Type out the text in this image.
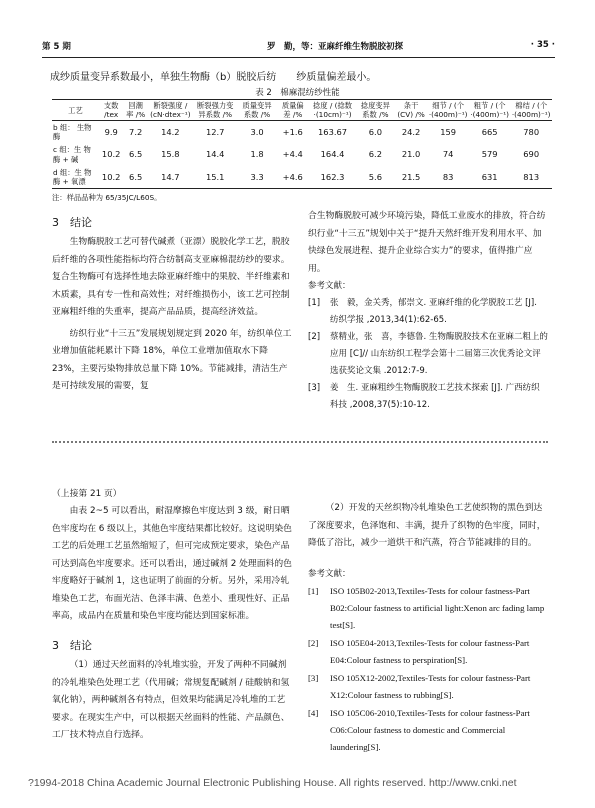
第 5 期	罗　勤，等：亚麻纤维生物脱胶初探	· 35 ·
成纱质量变异系数最小，单独生物酶（b）脱胶后纺　　纱质量偏差最小。
表 2　棉麻混纺纱性能
工艺	支数 /tex	回潮 率 /%	断裂强度 / (cN·dtex⁻¹)	断裂强力变 异系数 /%	质量变异 系数 /%	质量偏 差 /%	捻度 / (捻数 ·(10cm)⁻¹)	捻度变异 系数 /%	条干 (CV) /%	细节 / (个 ·(400m)⁻¹)	粗节 / (个 ·(400m)⁻¹)	棉结 / (个 ·(400m)⁻¹)
b 组： 生物酶	9.9	7.2	14.2	12.7	3.0	+1.6	163.67	6.0	24.2	159	665	780
c 组：生 物酶 + 碱	10.2	6.5	15.8	14.4	1.8	+4.4	164.4	6.2	21.0	74	579	690
d 组：生 物 酶 + 氧漂	10.2	6.5	14.7	15.1	3.3	+4.6	162.3	5.6	21.5	83	631	813
注：样品品种为 65/35JC/L60S。
3　结论

生物酶脱胶工艺可替代碱煮（亚漂）脱胶化学工艺，脱胶后纤维的各项性能指标均符合纺制高支亚麻棉混纺纱的要求。复合生物酶可有选择性地去除亚麻纤维中的果胶、半纤维素和木质素，具有专一性和高效性；对纤维损伤小，该工艺可控制亚麻粗纤维的失重率，提高产品品质，提高经济效益。

纺织行业“十三五”发展规划规定到 2020 年，纺织单位工业增加值能耗累计下降 18%，单位工业增加值取水下降 23%，主要污染物排放总量下降 10%。节能减排，清洁生产是可持续发展的需要，复

合生物酶脱胶可减少环境污染，降低工业废水的排放，符合纺织行业“十三五”规划中关于“提升天然纤维开发利用水平、加快绿色发展进程、提升企业综合实力”的要求，值得推广应用。
参考文献：
[1]	张　毅，金关秀，郁崇文. 亚麻纤维的化学脱胶工艺 [J]. 纺织学报 ,2013,34(1):62-65.
[2]	蔡精业，张　喜，李德鲁. 生物酶脱胶技术在亚麻二粗上的应用 [C]// 山东纺织工程学会第十二届第三次优秀论文评选获奖论文集 .2012:7-9.
[3]	姜　生. 亚麻粗纱生物酶脱胶工艺技术探索 [J]. 广西纺织科技 ,2008,37(5):10-12.
（上接第 21 页）
由表 2~5 可以看出，耐湿摩擦色牢度达到 3 级，耐日晒色牢度均在 6 级以上，其他色牢度结果都比较好。这说明染色工艺的后处理工艺虽然缩短了，但可完成预定要求，染色产品可达到高色牢度要求。还可以看出，通过碱剂 2 处理面料的色牢度略好于碱剂 1，这也证明了前面的分析。另外，采用冷轧堆染色工艺，布面光洁、色泽丰满、色差小、重现性好、正品率高，成品内在质量和染色牢度均能达到国家标准。
3　结论
（1）通过天丝面料的冷轧堆实验，开发了两种不同碱剂的冷轧堆染色处理工艺（代用碱；常规复配碱剂 / 硅酸钠和氢氧化钠），两种碱剂各有特点，但效果均能满足冷轧堆的工艺要求。在现实生产中，可以根据天丝面料的性能、产品颜色、工厂技术特点自行选择。
（2）开发的天丝织物冷轧堆染色工艺使织物的黑色到达了深度要求，色泽饱和、丰满，提升了织物的色牢度，同时，降低了浴比，减少一道烘干和汽蒸，符合节能减排的目的。
参考文献：
[1]	ISO 105B02-2013,Textiles-Tests for colour fastness-Part B02:Colour fastness to artificial light:Xenon arc fading lamp test[S].
[2]	ISO 105E04-2013,Textiles-Tests for colour fastness-Part E04:Colour fastness to perspiration[S].
[3]	ISO 105X12-2002,Textiles-Tests for colour fastness-Part X12:Colour fastness to rubbing[S].
[4]	ISO 105C06-2010,Textiles-Tests for colour fastness-Part C06:Colour fastness to domestic and Commercial laundering[S].
?1994-2018 China Academic Journal Electronic Publishing House. All rights reserved. http://www.cnki.net
